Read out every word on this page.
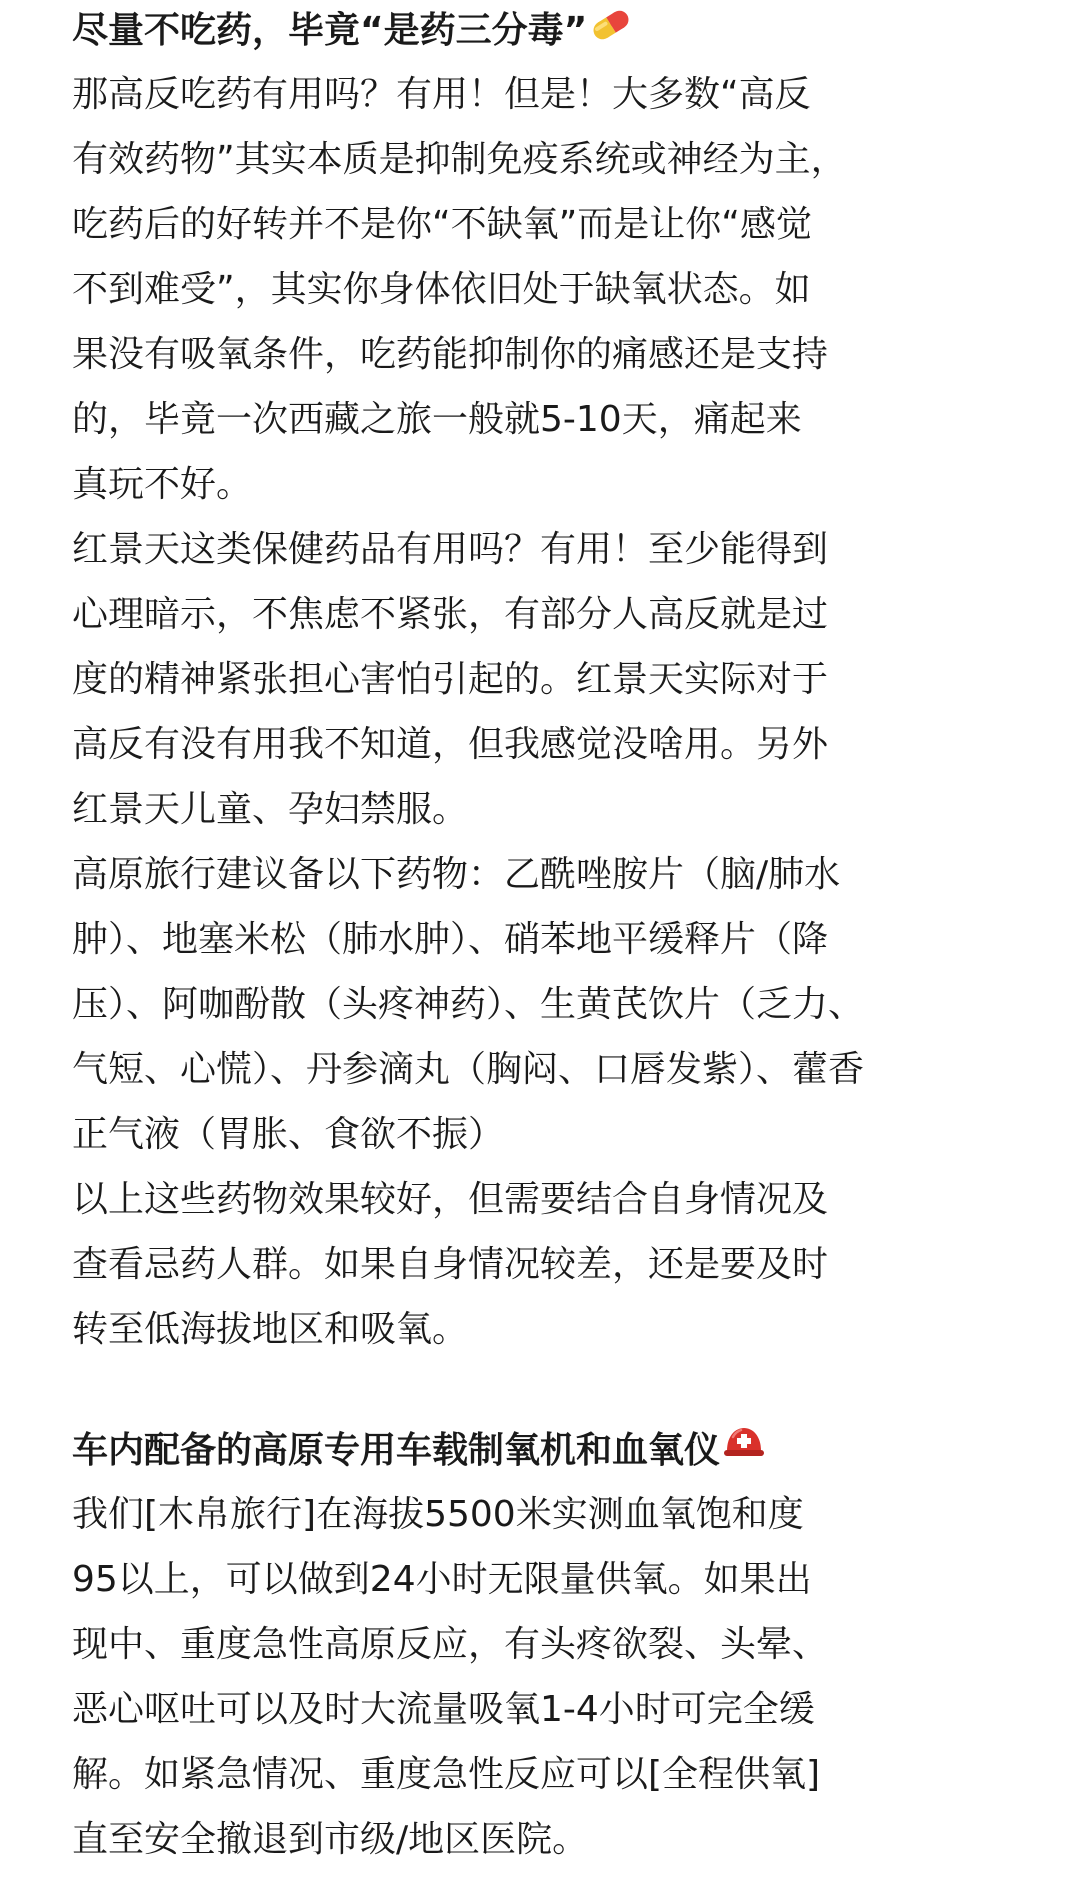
尽量不吃药，毕竟“是药三分毒”
那高反吃药有用吗？有用！但是！大多数“高反
有效药物”其实本质是抑制免疫系统或神经为主，
吃药后的好转并不是你“不缺氧”而是让你“感觉
不到难受”，其实你身体依旧处于缺氧状态。如
果没有吸氧条件，吃药能抑制你的痛感还是支持
的，毕竟一次西藏之旅一般就5-10天，痛起来
真玩不好。
红景天这类保健药品有用吗？有用！至少能得到
心理暗示，不焦虑不紧张，有部分人高反就是过
度的精神紧张担心害怕引起的。红景天实际对于
高反有没有用我不知道，但我感觉没啥用。另外
红景天儿童、孕妇禁服。
高原旅行建议备以下药物：乙酰唑胺片（脑/肺水
肿）、地塞米松（肺水肿）、硝苯地平缓释片（降
压）、阿咖酚散（头疼神药）、生黄芪饮片（乏力、
气短、心慌）、丹参滴丸（胸闷、口唇发紫）、藿香
正气液（胃胀、食欲不振）
以上这些药物效果较好，但需要结合自身情况及
查看忌药人群。如果自身情况较差，还是要及时
转至低海拔地区和吸氧。
车内配备的高原专用车载制氧机和血氧仪
我们[木帛旅行]在海拔5500米实测血氧饱和度
95以上，可以做到24小时无限量供氧。如果出
现中、重度急性高原反应，有头疼欲裂、头晕、
恶心呕吐可以及时大流量吸氧1-4小时可完全缓
解。如紧急情况、重度急性反应可以[全程供氧]
直至安全撤退到市级/地区医院。
